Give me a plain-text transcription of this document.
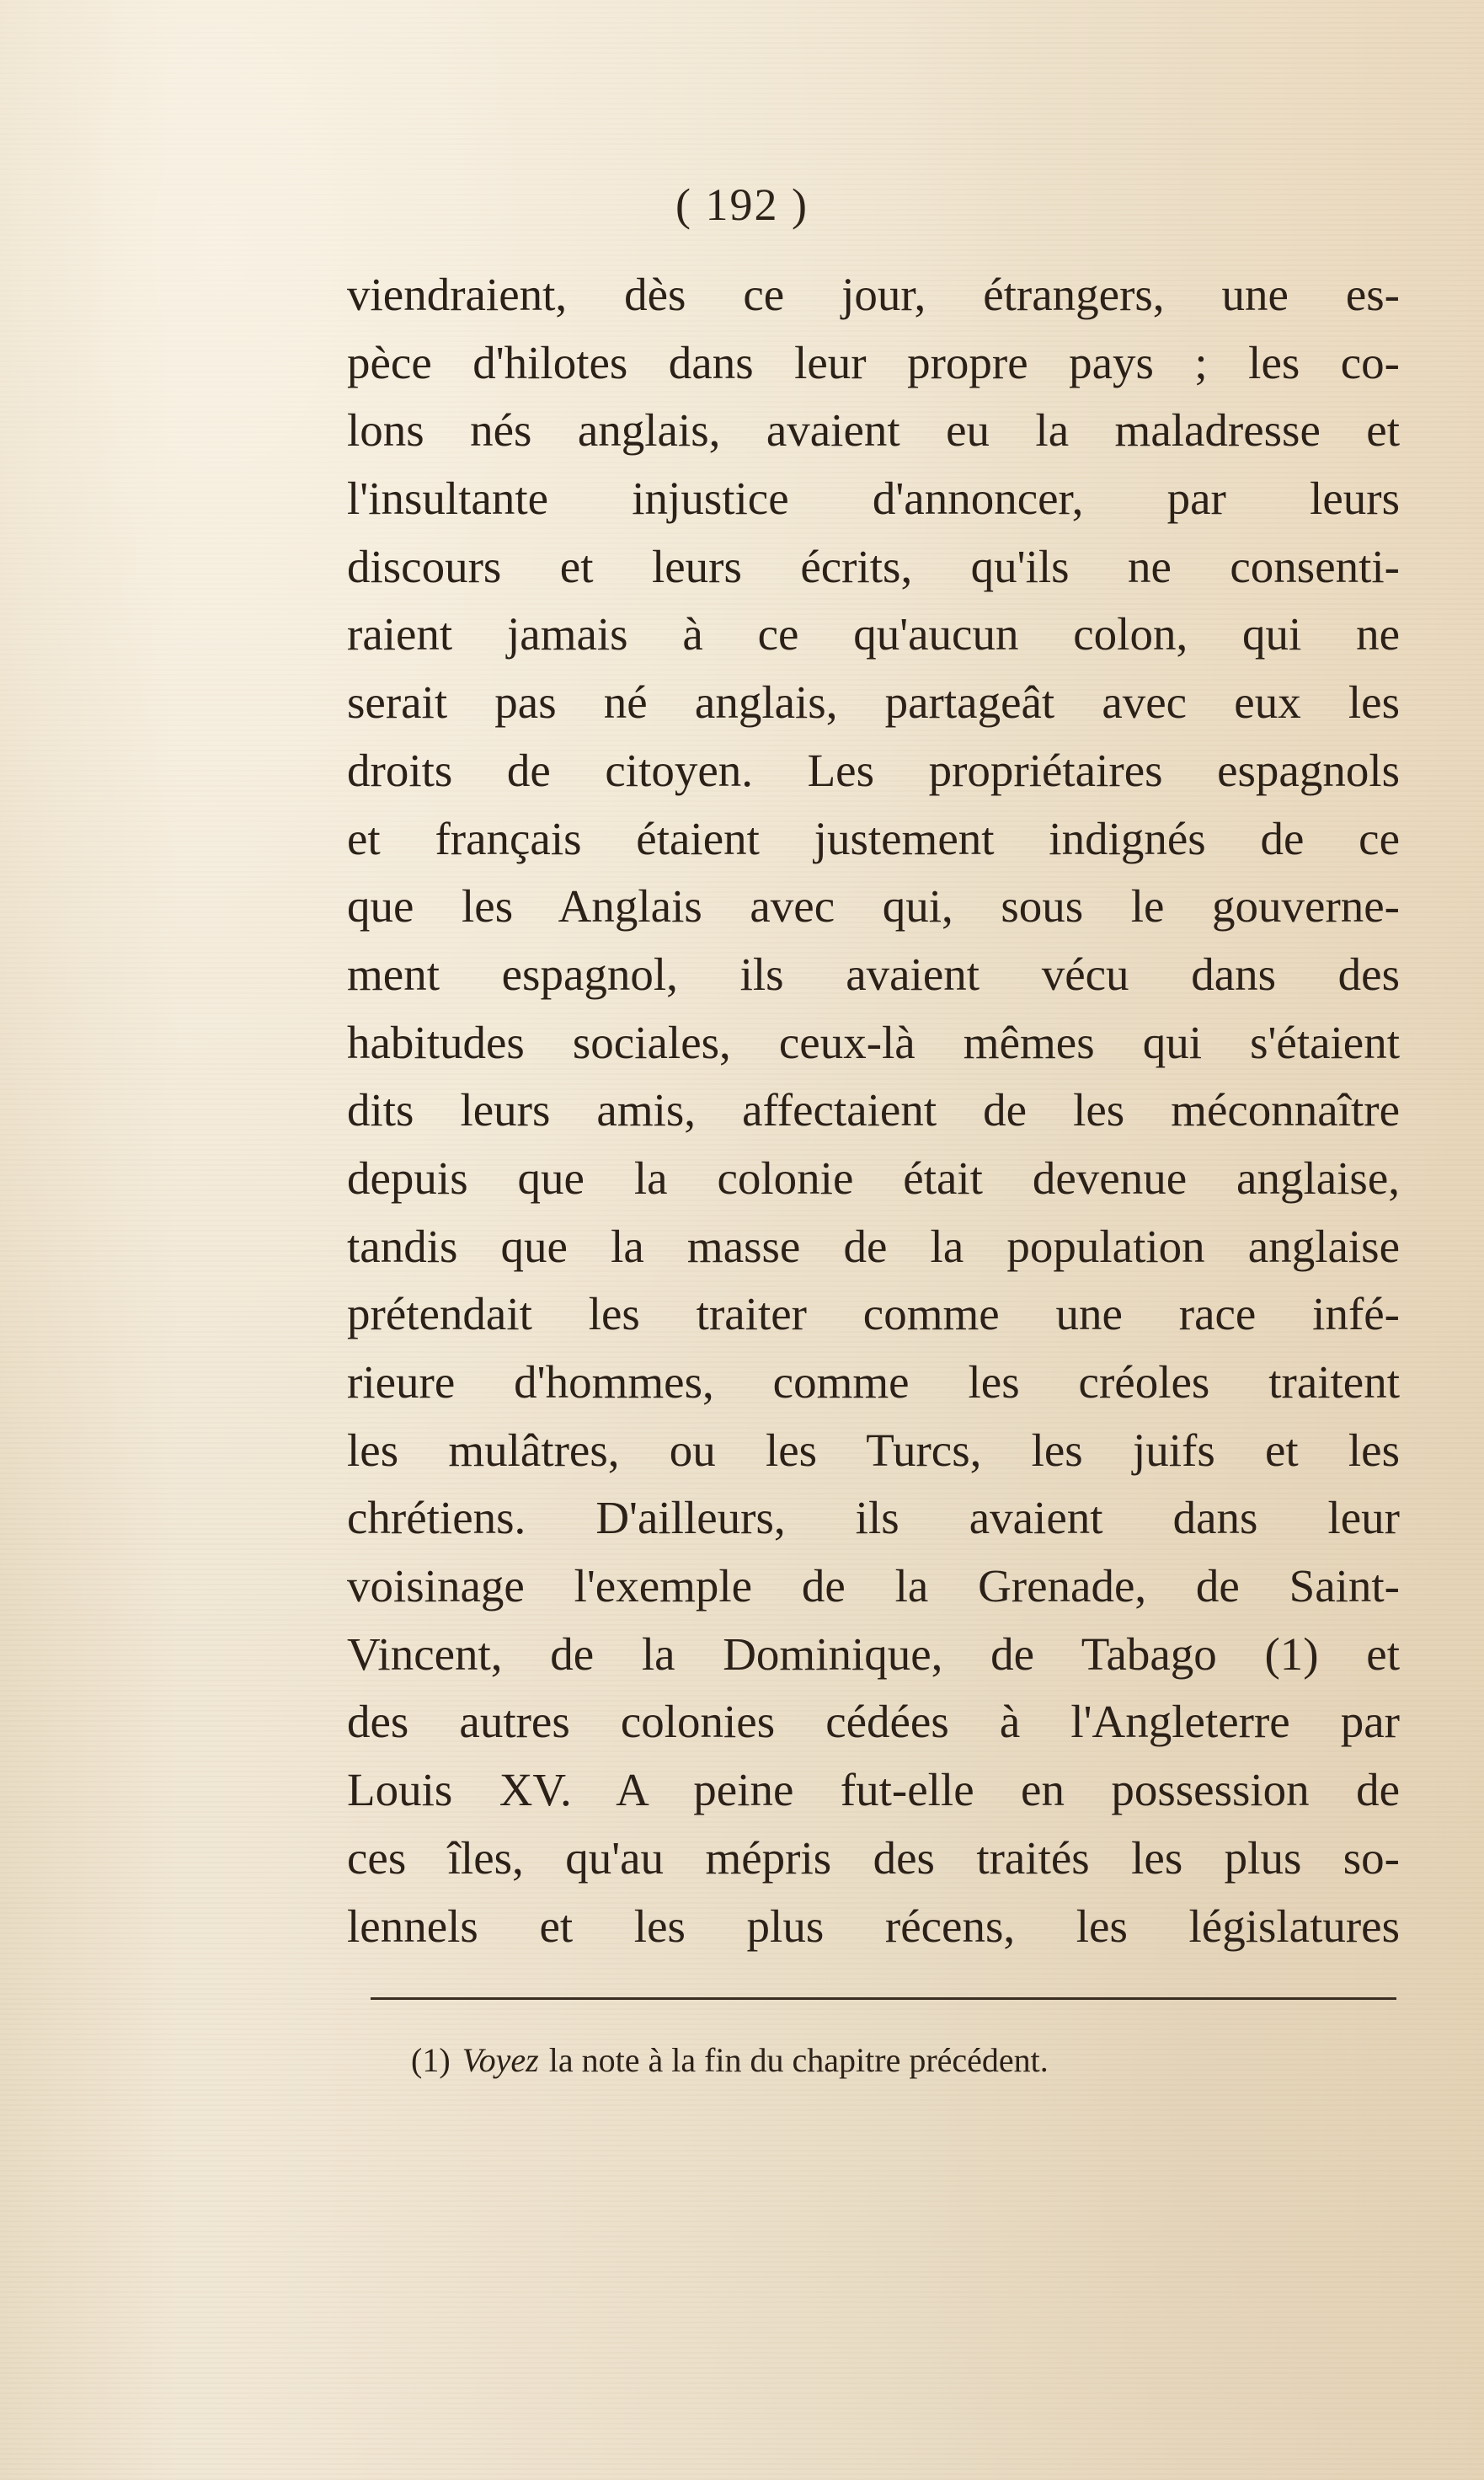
( 192 )
viendraient, dès ce jour, étrangers, une es-
pèce d'hilotes dans leur propre pays ; les co-
lons nés anglais, avaient eu la maladresse et
l'insultante injustice d'annoncer, par leurs
discours et leurs écrits, qu'ils ne consenti-
raient jamais à ce qu'aucun colon, qui ne
serait pas né anglais, partageât avec eux les
droits de citoyen. Les propriétaires espagnols
et français étaient justement indignés de ce
que les Anglais avec qui, sous le gouverne-
ment espagnol, ils avaient vécu dans des
habitudes sociales, ceux-là mêmes qui s'étaient
dits leurs amis, affectaient de les méconnaître
depuis que la colonie était devenue anglaise,
tandis que la masse de la population anglaise
prétendait les traiter comme une race infé-
rieure d'hommes, comme les créoles traitent
les mulâtres, ou les Turcs, les juifs et les
chrétiens. D'ailleurs, ils avaient dans leur
voisinage l'exemple de la Grenade, de Saint-
Vincent, de la Dominique, de Tabago (1) et
des autres colonies cédées à l'Angleterre par
Louis XV. A peine fut-elle en possession de
ces îles, qu'au mépris des traités les plus so-
lennels et les plus récens, les législatures
(1) Voyez la note à la fin du chapitre précédent.
